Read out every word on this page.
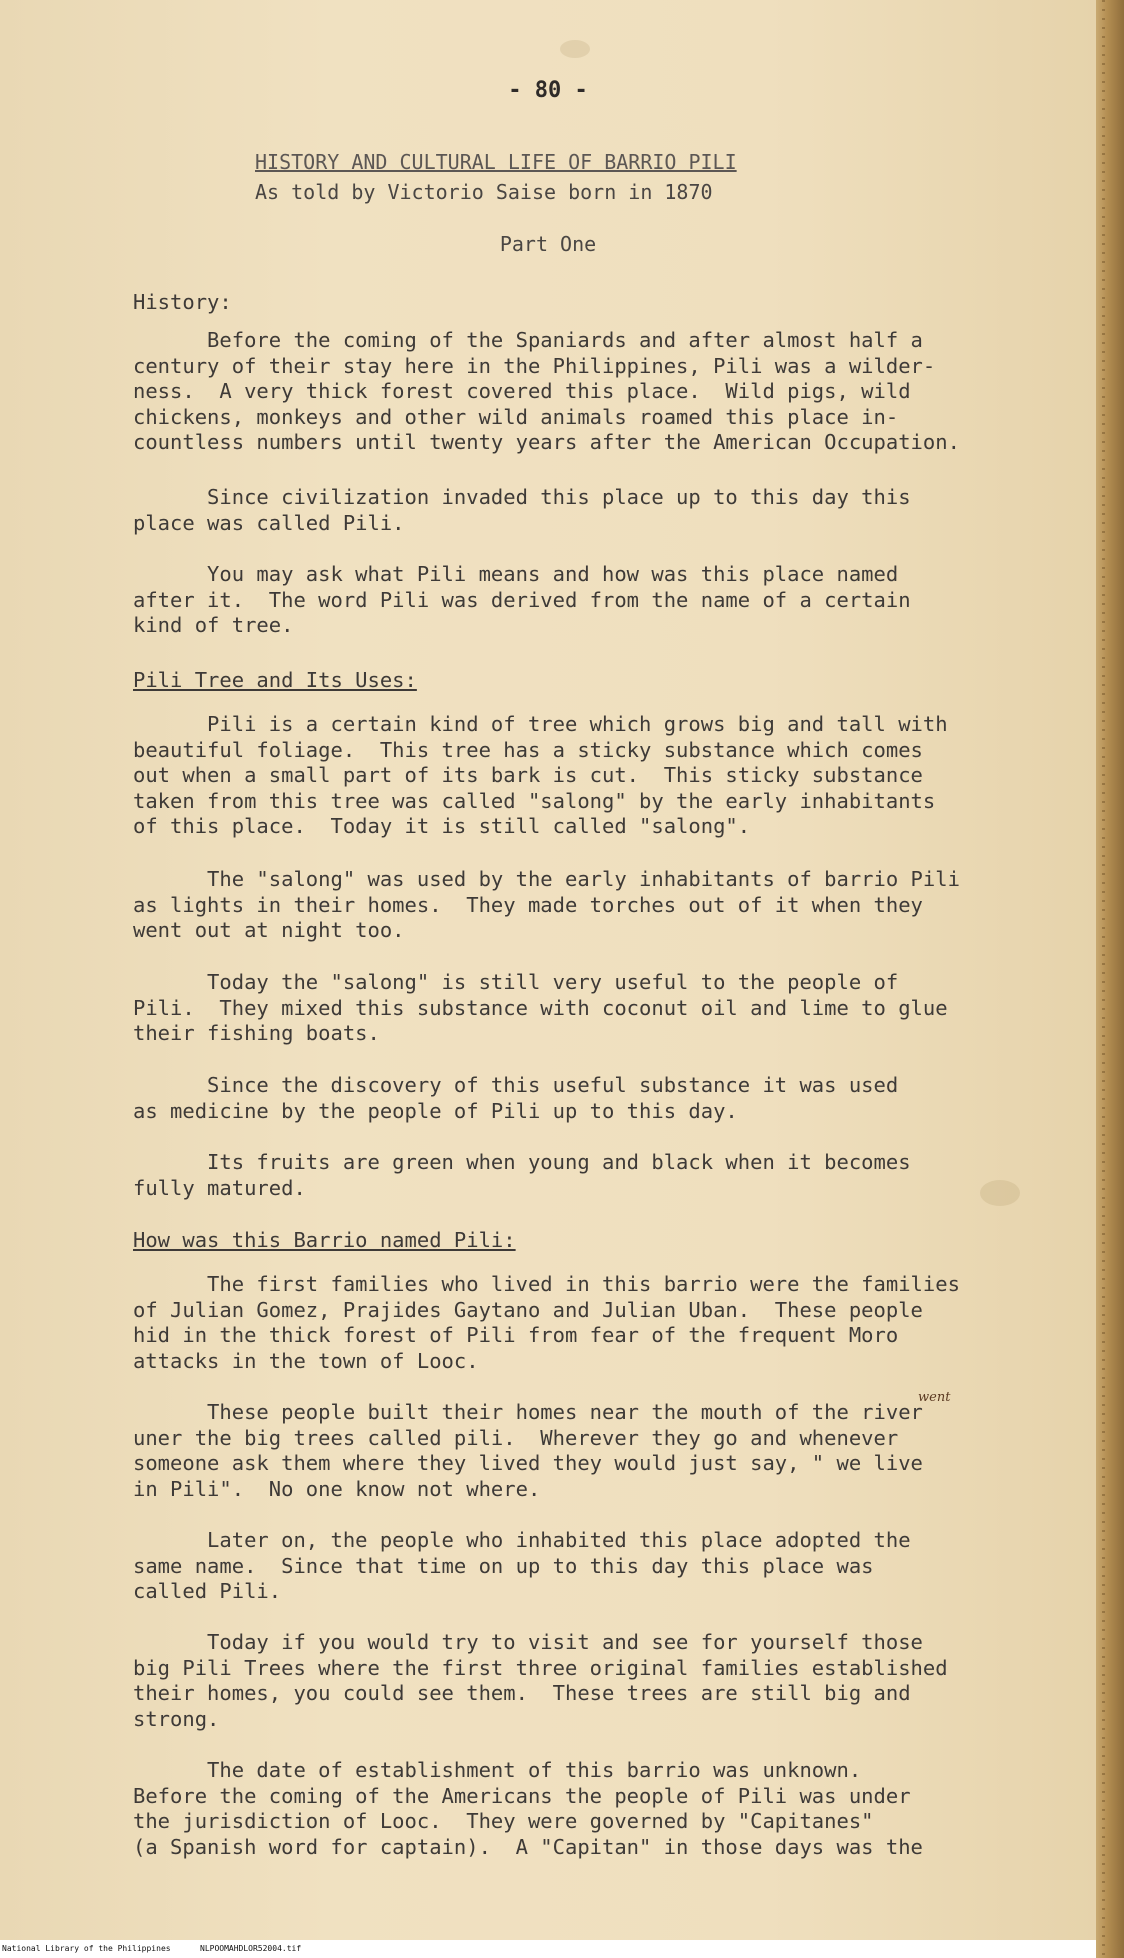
- 80 -
HISTORY AND CULTURAL LIFE OF BARRIO PILI
As told by Victorio Saise born in 1870
Part One
History:
Before the coming of the Spaniards and after almost half a
century of their stay here in the Philippines, Pili was a wilder-
ness.  A very thick forest covered this place.  Wild pigs, wild
chickens, monkeys and other wild animals roamed this place in-
countless numbers until twenty years after the American Occupation.
Since civilization invaded this place up to this day this
place was called Pili.
You may ask what Pili means and how was this place named
after it.  The word Pili was derived from the name of a certain
kind of tree.
Pili Tree and Its Uses:
Pili is a certain kind of tree which grows big and tall with
beautiful foliage.  This tree has a sticky substance which comes
out when a small part of its bark is cut.  This sticky substance
taken from this tree was called "salong" by the early inhabitants
of this place.  Today it is still called "salong".
The "salong" was used by the early inhabitants of barrio Pili
as lights in their homes.  They made torches out of it when they
went out at night too.
Today the "salong" is still very useful to the people of
Pili.  They mixed this substance with coconut oil and lime to glue
their fishing boats.
Since the discovery of this useful substance it was used
as medicine by the people of Pili up to this day.
Its fruits are green when young and black when it becomes
fully matured.
How was this Barrio named Pili:
The first families who lived in this barrio were the families
of Julian Gomez, Prajides Gaytano and Julian Uban.  These people
hid in the thick forest of Pili from fear of the frequent Moro
attacks in the town of Looc.
These people built their homes near the mouth of the river
uner the big trees called pili.  Wherever they go and whenever
someone ask them where they lived they would just say, " we live
in Pili".  No one know not where.
went
Later on, the people who inhabited this place adopted the
same name.  Since that time on up to this day this place was
called Pili.
Today if you would try to visit and see for yourself those
big Pili Trees where the first three original families established
their homes, you could see them.  These trees are still big and
strong.
The date of establishment of this barrio was unknown.
Before the coming of the Americans the people of Pili was under
the jurisdiction of Looc.  They were governed by "Capitanes"
(a Spanish word for captain).  A "Capitan" in those days was the
National Library of the Philippines	NLPOOMAHDLOR52004.tif
